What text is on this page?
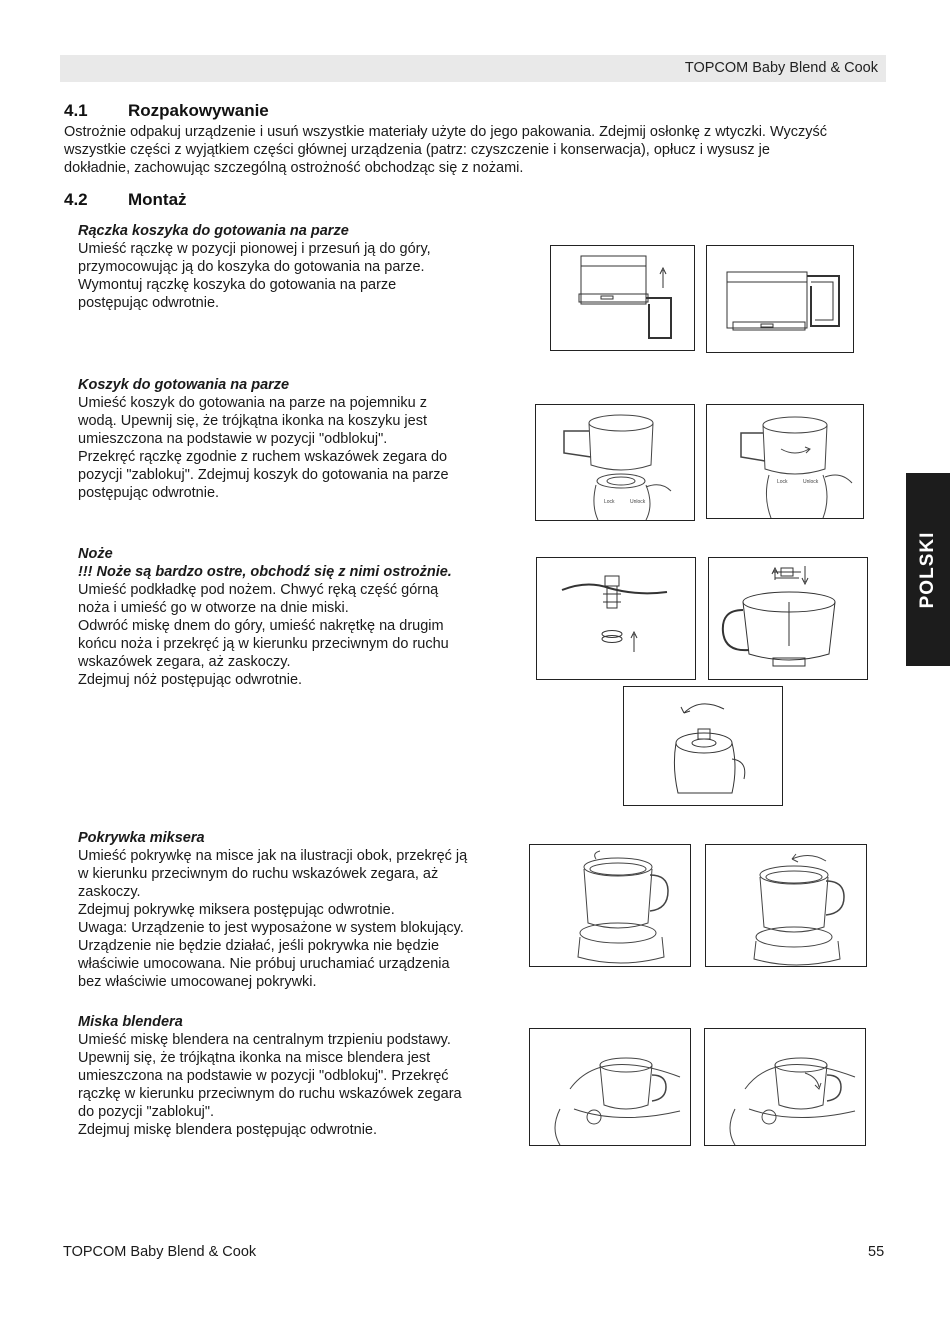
TOPCOM Baby Blend & Cook
4.1 Rozpakowywanie
Ostrożnie odpakuj urządzenie i usuń wszystkie materiały użyte do jego pakowania. Zdejmij osłonkę z wtyczki. Wyczyść
wszystkie części z wyjątkiem części głównej urządzenia (patrz: czyszczenie i konserwacja), opłucz i wysusz je
dokładnie, zachowując szczególną ostrożność obchodząc się z nożami.
4.2 Montaż
Rączka koszyka do gotowania na parze
Umieść rączkę w pozycji pionowej i przesuń ją do góry,
przymocowując ją do koszyka do gotowania na parze.
Wymontuj rączkę koszyka do gotowania na parze
postępując odwrotnie.
Koszyk do gotowania na parze
Umieść koszyk do gotowania na parze na pojemniku z
wodą. Upewnij się, że trójkątna ikonka na koszyku jest
umieszczona na podstawie w pozycji "odblokuj".
Przekręć rączkę zgodnie z ruchem wskazówek zegara do
pozycji "zablokuj". Zdejmuj koszyk do gotowania na parze
postępując odwrotnie.
Noże
!!! Noże są bardzo ostre, obchodź się z nimi ostrożnie.
Umieść podkładkę pod nożem. Chwyć ręką część górną
noża i umieść go w otworze na dnie miski.
Odwróć miskę dnem do góry, umieść nakrętkę na drugim
końcu noża i przekręć ją w kierunku przeciwnym do ruchu
wskazówek zegara, aż zaskoczy.
Zdejmuj nóż postępując odwrotnie.
Pokrywka miksera
Umieść pokrywkę na misce jak na ilustracji obok, przekręć ją
w kierunku przeciwnym do ruchu wskazówek zegara, aż
zaskoczy.
Zdejmuj pokrywkę miksera postępując odwrotnie.
Uwaga: Urządzenie to jest wyposażone w system blokujący.
Urządzenie nie będzie działać, jeśli pokrywka nie będzie
właściwie umocowana. Nie próbuj uruchamiać urządzenia
bez właściwie umocowanej pokrywki.
Miska blendera
Umieść miskę blendera na centralnym trzpieniu podstawy.
Upewnij się, że trójkątna ikonka na misce blendera jest
umieszczona na podstawie w pozycji "odblokuj". Przekręć
rączkę w kierunku przeciwnym do ruchu wskazówek zegara
do pozycji "zablokuj".
Zdejmuj miskę blendera postępując odwrotnie.
Lock	Unlock
Lock	Unlock
POLSKI
TOPCOM Baby Blend & Cook	55
